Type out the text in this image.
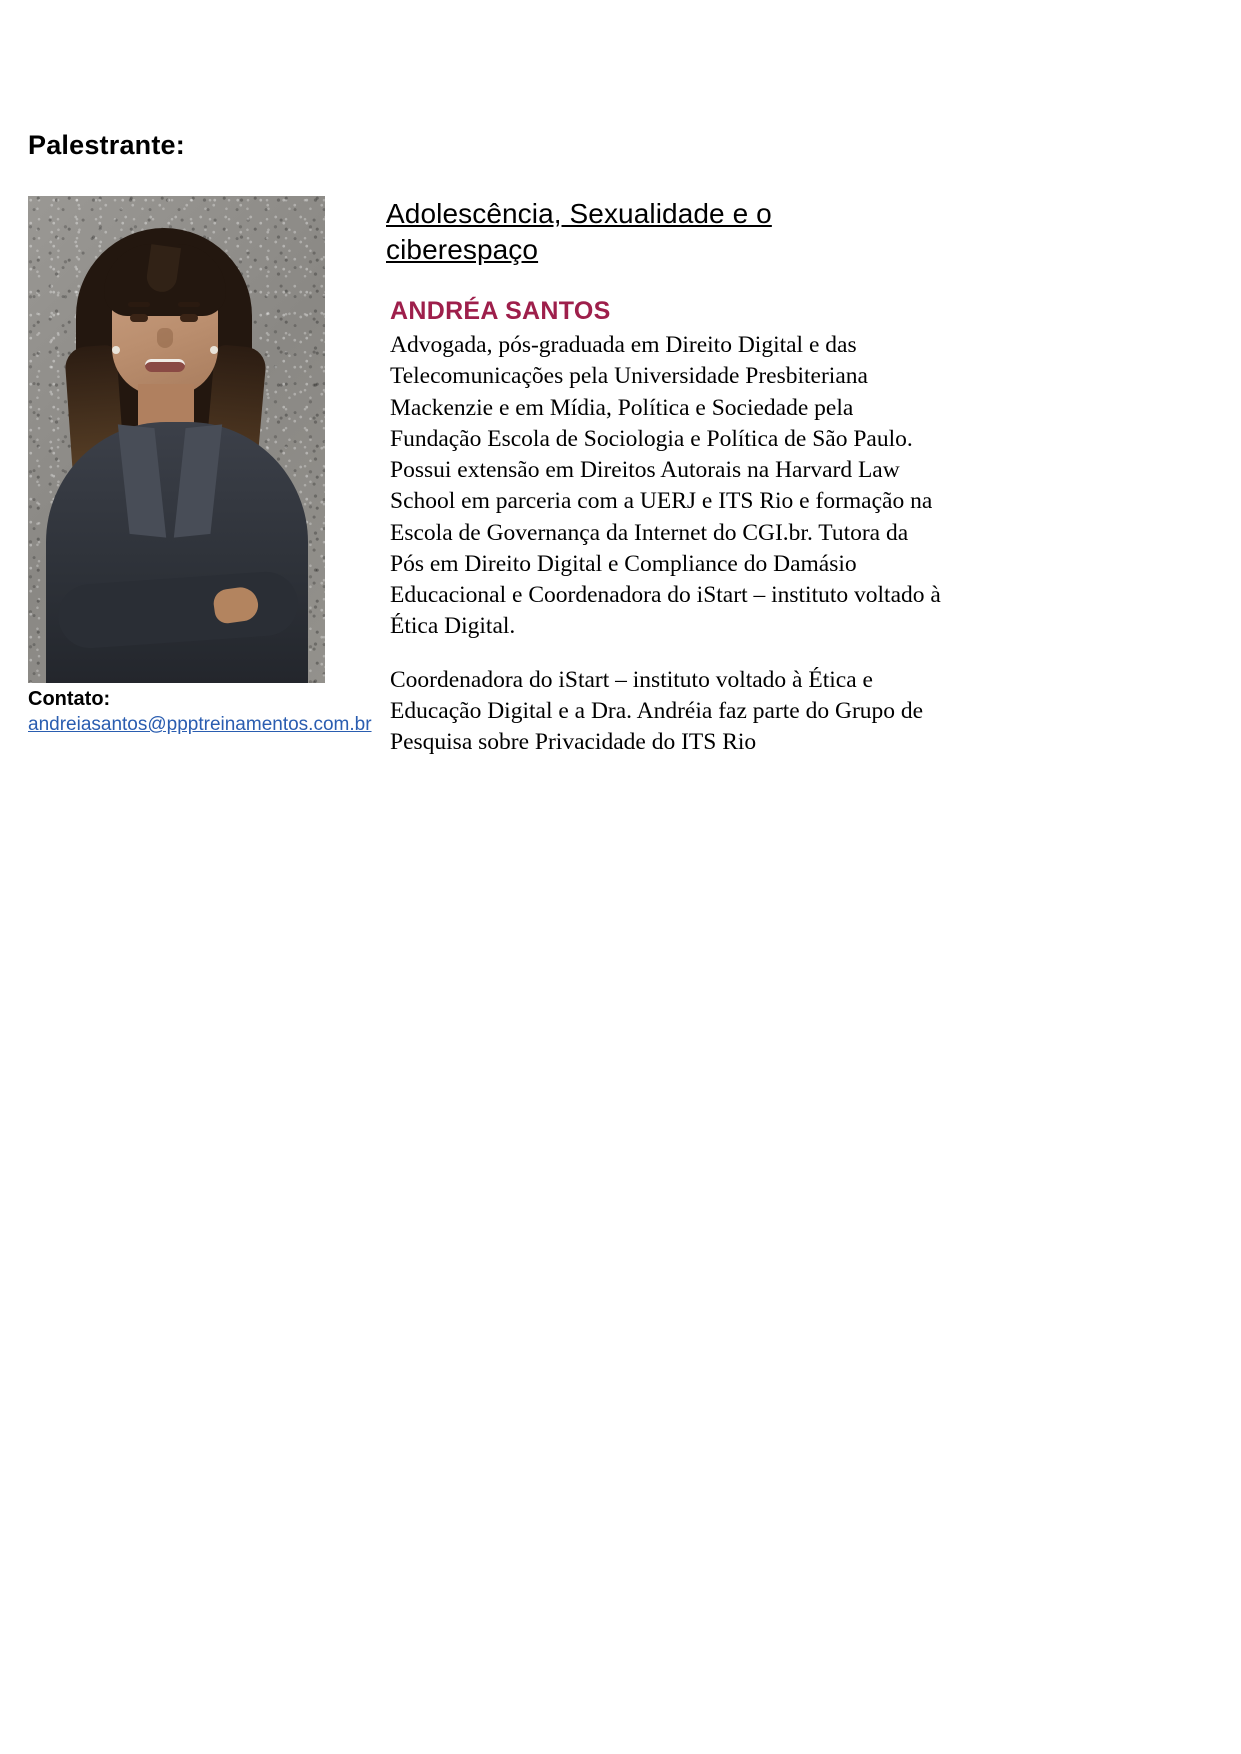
Palestrante:
Adolescência, Sexualidade e o ciberespaço
ANDRÉA SANTOS

Advogada, pós-graduada em Direito Digital e das Telecomunicações pela Universidade Presbiteriana Mackenzie e em Mídia, Política e Sociedade pela Fundação Escola de Sociologia e Política de São Paulo. Possui extensão em Direitos Autorais na Harvard Law School em parceria com a UERJ e ITS Rio e formação na Escola de Governança da Internet do CGI.br. Tutora da Pós em Direito Digital e Compliance do Damásio Educacional e Coordenadora do iStart – instituto voltado à Ética Digital.

Coordenadora do iStart – instituto voltado à Ética e Educação Digital e a Dra. Andréia faz parte do Grupo de Pesquisa sobre Privacidade do ITS Rio

Contato:
andreiasantos@ppptreinamentos.com.br
